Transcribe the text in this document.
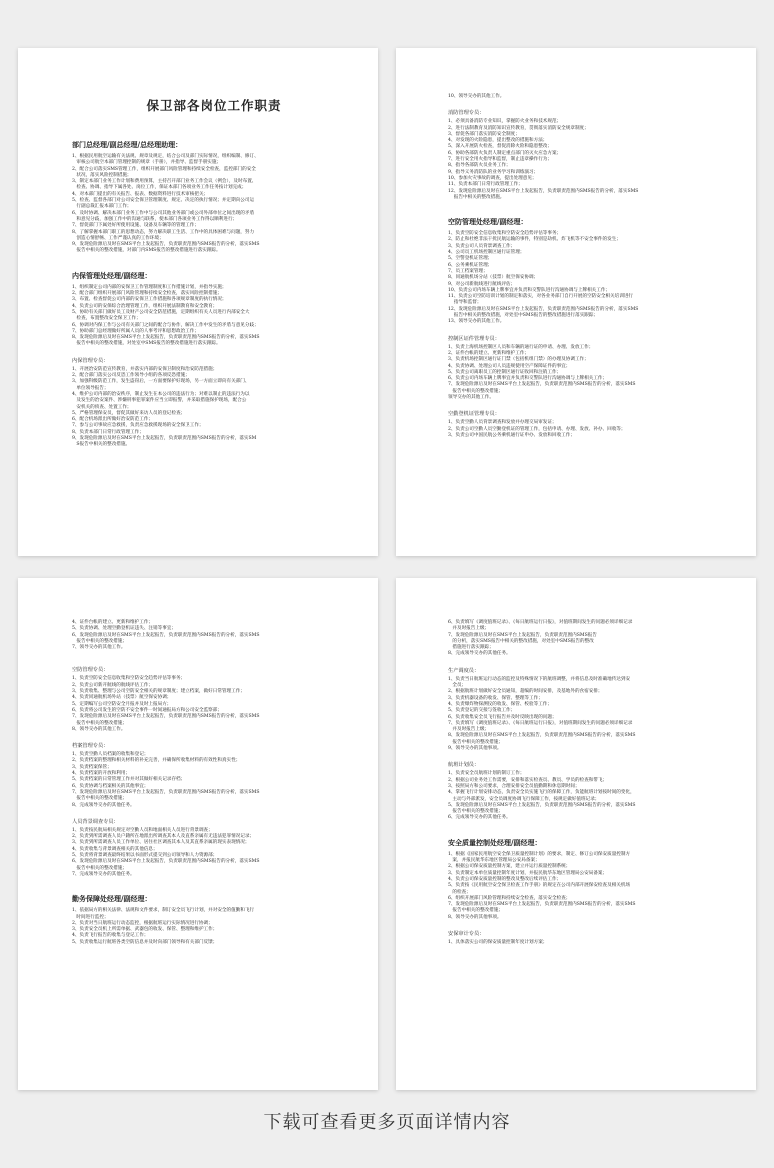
保卫部各岗位工作职责
部门总经理/副总经理/总经理助理：
1、根据民用航空运输有关法规、规章及规定，结合公司及部门实际情况，组织编制、修订、
审核公司航空本部门管理控制的规章（手册），并指导、监督手册实施；
2、配合公司落实SMS管理工作，组织开展部门风险管理和持续安全检查，监控部门的安全
状况，落实风险控制措施；
3、制定本部门业务工作计划和费用预算，主持召开部门业务工作会议（例会），及时布置、
检查、协调、指导下属各处、岗位工作，保证本部门各项业务工作任务按计划完成；
4、对本部门提出的有关报告、报表、数据资料进行技术审核把关；
5、检查、监督各部门对公司安全保卫管理制度、规定、决定的执行情况；并定期向公司运
行副总裁汇报本部门工作；
6、及时协调、解决本部门业务工作中与公司其他业务部门或公司外部单位之间出现的矛盾
和意见分歧，加强工作中的沟通与联系，使本部门各项业务工作得以顺利进行；
7、督促部门下属处好所使用设施、设备及车辆等的管理工作；
8、了解掌握本部门职工的思想动态，努力解决职工生活、工作中的具体困难与问题，努力
创造心情舒畅、工作严谨认真的工作环境；
9、发现危险源后及时在SMS平台上发起报告，负责职责范围内SMS报告的分析，落实SMS
报告中相关的整改措施，对部门内SMS报告的整改措施进行落实跟踪。
内保管理处经理/副经理：
1、组织制定公司内部的安保卫工作管理制度和工作措施计划，并指导实施；
2、配合部门组织开展部门风险管理和持续安全检查，落实风险控制措施；
3、布置、检查督促公司内部的安保卫工作措施和各项规章制度的执行情况；
4、负责公司的安保综合治理管理工作，组织开展法制教育和安全教育；
5、协助有关部门做好员工及财产公司安全防范措施，定期组织有关人员进行内部安全大
检查，布置整改安全保卫工作；
6、协调对内保工作与公司有关部门之间的配合与协作，解决工作中发生的矛盾与意见分歧；
7、协助部门总经理做好所属人员的人事考评和思想政治工作；
8、发现危险源后及时在SMS平台上发起报告，负责职责范围内SMS报告的分析，落实SMS
报告中相关的整改措施，对处室中SMS报告的整改措施进行落实跟踪。
内保管理专员：
1、开展治安防范宣传教育，并落实内部的安保卫制度和治安防范措施；
2、配合部门落实公司反恐工作领导小组的各项反恐措施；
3、加强科级防范工作，发生盗窃后，一方面要保护好现场，另一方面立即向有关部门、
单位领导报告；
4、维护公司内部的治安秩序，制止发生在本公司的违法行为；对难以制止的违法行为以
及发生的治安案件、涉嫌刑事犯罪案件应当立即报警，并采取措施保护现场，配合公
安机关的侦查、处置工作；
5、严格管理保安员，督促其做好来访人员的登记检查；
6、配合机场派出所做好治安防范工作；
7、参与公司事故应急救援，负责应急救援现场的安全保卫工作；
8、负责本部门日常行政管理工作；
9、发现危险源后及时在SMS平台上发起报告，负责职责范围内SMS报告的分析，落实SM
S报告中相关的整改措施。
10、领导交办的其他工作。
消防管理专员：
1、必须具备消防专业知识，掌握防火业务和技术规范；
2、进行法制教育及消防知识宣传教育，贯彻落实消防安全规章制度；
3、督促各部门落实消防安全制度；
4、对发现的火险隐患，提出整改的措施和方法；
5、深入开展防火检查，督促消除火险和隐患整改；
6、协助各部防火负责人制定重点部门的灭火应急方案；
7、进行安全用火指导和监督，制止违章操作行为；
8、指导各部防火员业务工作；
9、指导义务消防队的业务学习和训练演习；
10、参加火灾事故的调查，提出处理意见；
11、负责本部门日常行政管理工作；
12、发现危险源后及时在SMS平台上发起报告，负责职责范围内SMS报告的分析，落实SMS
报告中相关的整改措施。
空防管理处经理/副经理：
1、负责空防安全信息收集和空防安全趋势评估等事务；
2、防止和杜绝非法干扰民航运输的事件，特别是劫机、炸飞机等不安全事件的发生；
3、负责公司人员背景调查工作；
4、公司员工机场控制区通行证管理；
5、空警登机证管理；
6、公务乘机证管理；
7、员工档案管理；
8、同通航机场分站（技票）航空保安协调；
9、对公司新航线进行航线评估；
10、负责公司内场车辆上牌事宜并负责和交警队进行沟通协调与上牌相关工作；
11、负责公司空防培训计划的制定和落实，对各业务部门自行开展的空防安全相关培训进行
指导和监督；
12、发现危险源后及时在SMS平台上发起报告，负责职责范围内SMS报告的分析，落实SMS
报告中相关的整改措施，对处室中SMS报告的整改措施进行落实跟踪；
13、领导交办的其他工作。
控制区证件管理专员：
1、负责上海机场控制区人员和车辆的通行证的申请、办理、发放工作；
2、证件台帐的建立、更新和维护工作；
3、负责机场控制区通行证门禁（包括机组门禁）的办理及协调工作；
4、负责协调、处理公司人员违规使用空产保障证件的事宜；
5、负责公司离职员工的控制区通行证收回和注销工作；
6、负责公司内场车辆上牌事宜并负责和交警队进行沟通协调与上牌相关工作；
7、发现危险源后及时在SMS平台上发起报告，负责职责范围内SMS报告的分析，落实SMS
报告中相关的整改措施；
领导交办的其他工作。
空勤登机证管理专员：
1、负责空勤人员背景调查和发放并办理交局审发证；
2、负责公司空勤人员空勤登机证的管理工作，包括申请、办理、发放、补办、回收等；
3、负责公司中国民航公务乘机通行证申办、发放和回收工作；
4、证件台帐的建立、更新和维护工作；
5、负责协调、处理空勤登机证违失、注销等事宜；
6、发现危险源后及时在SMS平台上发起报告，负责职责范围内SMS报告的分析，落实SMS
报告中相关的整改措施；
7、领导交办的其他工作。
空防管理专员：
1、负责空防安全信息收集和空防安全趋势评估等事务；
2、负责公司新开航线的航线评估工作；
3、负责收集、整理与公司空防安全相关的规章制度；建立档案，做好日常管理工作；
4、负责同通航机场外站（技票）航空保安协调；
5、定期编写公司空防安全月报并及时上报局方；
6、负责将公司发生的空防不安全事件一时间通报局方和公司安全监察部；
7、发现危险源后及时在SMS平台上发起报告，负责职责范围内SMS报告的分析，落实SMS
报告中相关的整改措施；
8、领导交办的其他工作。
档案管理专员：
1、负责空勤人员档案的收集和登记；
2、负责档案的整理和相关材料的补充完善，并确保所收集材料的有效性和真实性；
3、负责档案保管；
4、负责档案的开放和利用；
5、负责档案的日常管理工作并对其做好相关记录存档；
6、负责协调与档案相关的其他事宜；
7、发现危险源后及时在SMS平台上发起报告，负责职责范围内SMS报告的分析，落实SMS
报告中相关的整改措施；
8、完成领导交办的其他任务。
人员背景调查专员：
1、负责按民航局相关规定对空勤人员和地面相关人员进行背景调查；
2、负责到所需调查人员户籍所在地派出所调查其本人及直系亲属有无违法犯罪情况记录；
3、负责到所需调查人员工作单位、居住社区调查其本人及其直系亲属的现实表现情况；
4、负责收集与背景调查相关的其他信息；
5、负责将背景调查最终结果以书面形式提交到公司领导和人力资源部；
6、发现危险源后及时在SMS平台上发起报告，负责职责范围内SMS报告的分析，落实SMS
报告中相关的整改措施；
7、完成领导交办的其他任务。
勤务保障处经理/副经理：
1、依据局方的相关法律、法规和文件要求，制订安全员飞行计划，并对安全的值勤和飞行
时间进行监控；
2、负责对当日航班运行动态监控，根据航班运行实际情况进行协调；
3、负责安全员机上所需单据、武器包的收发、保管、整理和维护工作；
4、负责飞行报告的收集与登记工作；
5、负责收集运行航班各类空防信息并及时向部门领导和有关部门反馈；
6、负责填写《调度值班记录》、《每日航班运行日报》，对值班期间发生的问题必须详细记录
并及时报告上级；
7、发现危险源后及时在SMS平台上发起报告，负责职责范围内SMS报告
的分析，落实SMS报告中相关的整改措施，对处室中SMS报告的整改
措施进行落实跟踪；
8、完成领导交办的其他任务。
生产调度员：
1、负责当日航班运行动态的监控及特殊情况下的航班调整，并将信息及时准确地传达到安
全员；
2、根据航班计划做好安全员通知，超编的时间安排，及基地外的食宿安排；
3、负责机器设备的收发、保管、整理等工作；
4、负责爆炸物探测仪的收发、保管、校验等工作；
5、负责登记的交接与签收工作；
6、负责收集安全员飞行报告并及时反映出现的问题；
7、负责填写《调度值班记录》、《每日航班运行日报》，对值班期间发生的问题必须详细记录
并及时报告上级；
8、发现危险源后及时在SMS平台上发起报告，负责职责范围内SMS报告的分析，落实SMS
报告中相关的整改措施；
9、领导交办的其他事项。
航班计划员：
1、负责安全员航班计划的制订工作；
2、根据公司业务处工作需要，安排和落实检查员、教员、学员的检查和带飞；
3、按照局方和公司要求，合理安排安全员值勤期和休息期时间；
4、掌握飞行计划安排动态，负责安全员实施飞行的保障工作，负能航班计划按时间的变化，
主动与外部派发，安全员调度协调飞行保障工作，按规定做好值班记录；
5、发现危险源后及时在SMS平台上发起报告，负责职责范围内SMS报告的分析，落实SMS
报告中相关的整改措施；
6、完成领导交办的其他任务。
安全质量控制处经理/副经理：
1、根据《国家民用航空安全保卫质量控制计划》的要求，制定、修订公司保安质量控制方
案，并报民航华东地区管理局公安局备案；
2、根据公司保安质量控制方案，建立并运行质量控制系统；
3、负责制定本单位质量控制年度计划，并报民航华东地区管理局公安局备案；
4、负责公司保安质量控制的整改及整改后续评估工作；
5、负责按《民用航空安全保卫检查工作手册》的规定在公司内部开展保安检查及相关机场
的检查；
6、组织开展部门风险管理和持续安全检查，落实安全检查；
7、发现危险源后及时在SMS平台上发起报告，负责职责范围内SMS报告的分析，落实SMS
报告中相关的整改措施；
8、领导交办的其他事项。
安保审计专员：
1、具体落实公司的保安质量控制年度计划方案；
下载可查看更多页面详情内容
